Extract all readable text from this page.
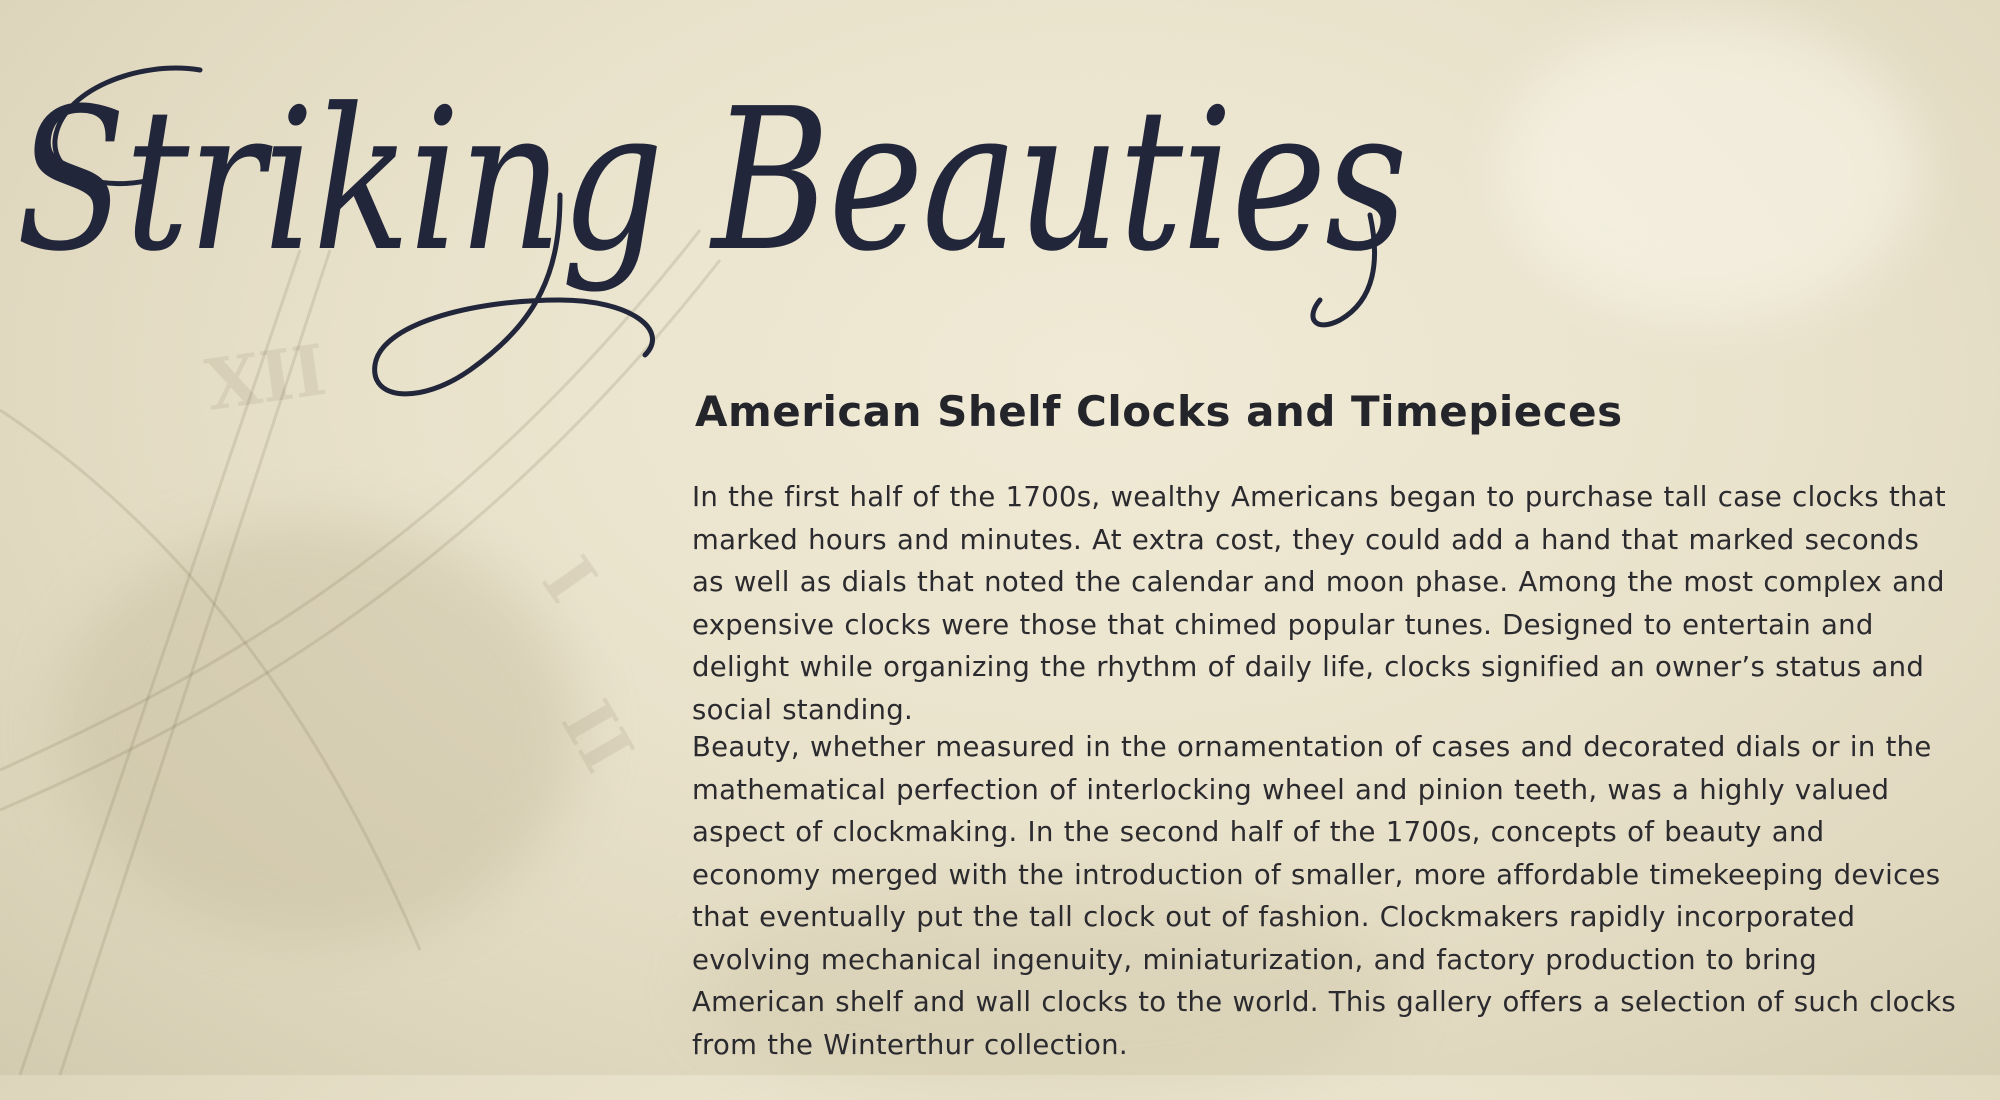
XII
I
II
Striking Beauties
American Shelf Clocks and Timepieces

In the first half of the 1700s, wealthy Americans began to purchase tall case clocks that marked hours and minutes. At extra cost, they could add a hand that marked seconds as well as dials that noted the calendar and moon phase. Among the most complex and expensive clocks were those that chimed popular tunes. Designed to entertain and delight while organizing the rhythm of daily life, clocks signified an owner’s status and social standing.

Beauty, whether measured in the ornamentation of cases and decorated dials or in the mathematical perfection of interlocking wheel and pinion teeth, was a highly valued aspect of clockmaking. In the second half of the 1700s, concepts of beauty and economy merged with the introduction of smaller, more affordable timekeeping devices that eventually put the tall clock out of fashion. Clockmakers rapidly incorporated evolving mechanical ingenuity, miniaturization, and factory production to bring American shelf and wall clocks to the world. This gallery offers a selection of such clocks from the Winterthur collection.
